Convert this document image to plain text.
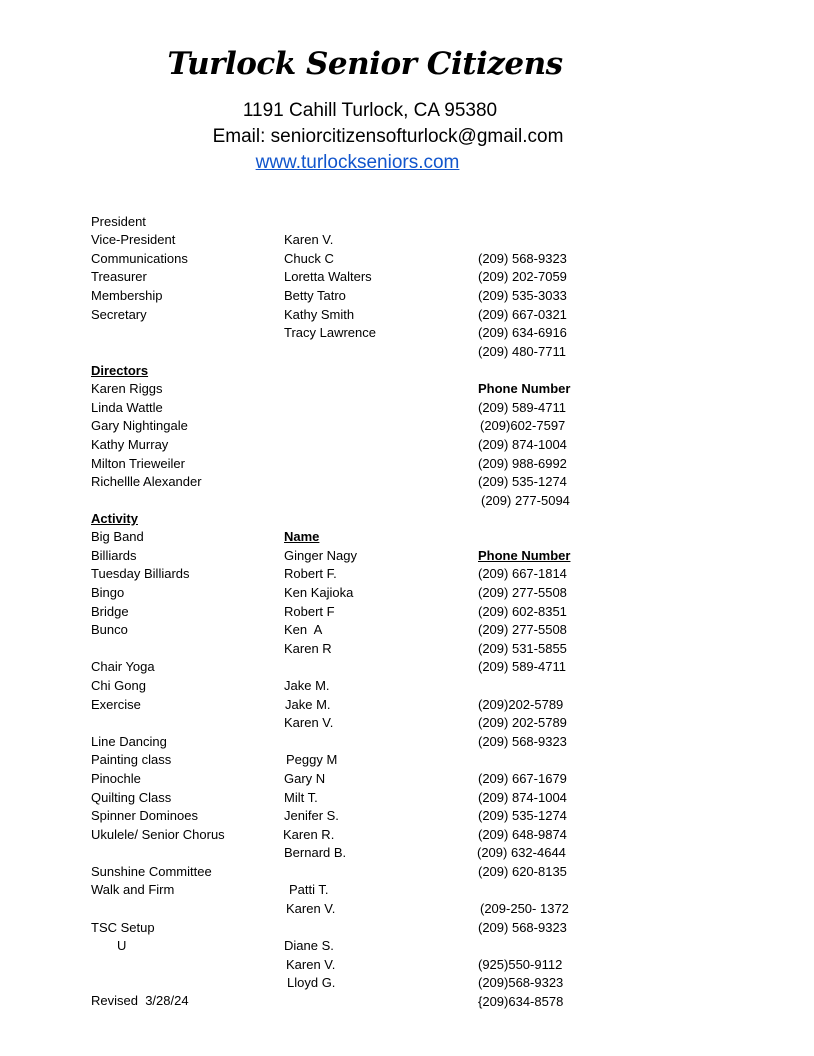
Turlock Senior Citizens
1191 Cahill Turlock, CA 95380
Email: seniorcitizensofturlock@gmail.com
www.turlockseniors.com

President

Karen V.

(209) 568-9323

Vice-President

Chuck C

(209) 202-7059

Communications

Loretta Walters

(209) 535-3033

Treasurer

Betty Tatro

(209) 667-0321

Membership

Kathy Smith

(209) 634-6916

Secretary

Tracy Lawrence

(209) 480-7711

Directors

Phone Number

Karen Riggs

(209) 589-4711

Linda Wattle

(209)602-7597

Gary Nightingale

(209) 874-1004

Kathy Murray

(209) 988-6992

Milton Trieweiler

(209) 535-1274

Richellle Alexander

(209) 277-5094

Activity

Name

Phone Number

Big Band

Ginger Nagy

(209) 667-1814

Billiards

Robert F.

(209) 277-5508

Tuesday Billiards

Ken Kajioka

(209) 602-8351

Bingo

Robert F

(209) 277-5508

Bridge

Ken  A

(209) 531-5855

Bunco

Karen R

(209) 589-4711

Chair Yoga

Jake M.

(209)202-5789

Chi Gong

Jake M.

(209) 202-5789

Exercise

Karen V.

(209) 568-9323

Line Dancing

Peggy M

(209) 667-1679

Painting class

Gary N

(209) 874-1004

Pinochle

Milt T.

(209) 535-1274

Quilting Class

Jenifer S.

(209) 648-9874

Spinner Dominoes

Karen R.

(209) 632-4644

Ukulele/ Senior Chorus

Bernard B.

(209) 620-8135

Sunshine Committee

Patti T.

(209-250- 1372

Walk and Firm

Karen V.

(209) 568-9323

TSC Setup

Diane S.

(925)550-9112

U

Karen V.

(209)568-9323

Lloyd G.

{209)634-8578

Revised  3/28/24
